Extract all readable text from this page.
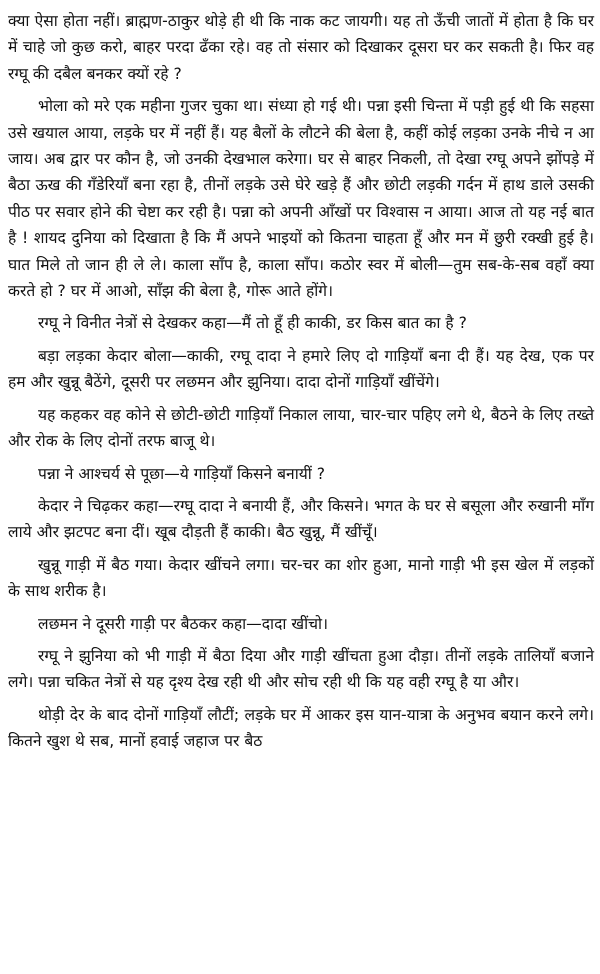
क्या ऐसा होता नहीं। ब्राह्मण-ठाकुर थोड़े ही थी कि नाक कट जायगी। यह तो ऊँची जातों में होता है कि घर में चाहे जो कुछ करो, बाहर परदा ढँका रहे। वह तो संसार को दिखाकर दूसरा घर कर सकती है। फिर वह रग्घू की दबैल बनकर क्यों रहे ?

भोला को मरे एक महीना गुजर चुका था। संध्या हो गई थी। पन्ना इसी चिन्ता में पड़ी हुई थी कि सहसा उसे खयाल आया, लड़के घर में नहीं हैं। यह बैलों के लौटने की बेला है, कहीं कोई लड़का उनके नीचे न आ जाय। अब द्वार पर कौन है, जो उनकी देखभाल करेगा। घर से बाहर निकली, तो देखा रग्घू अपने झोंपड़े में बैठा ऊख की गँडेरियाँ बना रहा है, तीनों लड़के उसे घेरे खड़े हैं और छोटी लड़की गर्दन में हाथ डाले उसकी पीठ पर सवार होने की चेष्टा कर रही है। पन्ना को अपनी आँखों पर विश्वास न आया। आज तो यह नई बात है ! शायद दुनिया को दिखाता है कि मैं अपने भाइयों को कितना चाहता हूँ और मन में छुरी रक्खी हुई है। घात मिले तो जान ही ले ले। काला साँप है, काला साँप। कठोर स्वर में बोली—तुम सब-के-सब वहाँ क्या करते हो ? घर में आओ, साँझ की बेला है, गोरू आते होंगे।

रग्घू ने विनीत नेत्रों से देखकर कहा—मैं तो हूँ ही काकी, डर किस बात का है ?

बड़ा लड़का केदार बोला—काकी, रग्घू दादा ने हमारे लिए दो गाड़ियाँ बना दी हैं। यह देख, एक पर हम और खुन्नू बैठेंगे, दूसरी पर लछमन और झुनिया। दादा दोनों गाड़ियाँ खींचेंगे।

यह कहकर वह कोने से छोटी-छोटी गाड़ियाँ निकाल लाया, चार-चार पहिए लगे थे, बैठने के लिए तख्ते और रोक के लिए दोनों तरफ बाजू थे।

पन्ना ने आश्चर्य से पूछा—ये गाड़ियाँ किसने बनायीं ?

केदार ने चिढ़कर कहा—रग्घू दादा ने बनायी हैं, और किसने। भगत के घर से बसूला और रुखानी माँग लाये और झटपट बना दीं। खूब दौड़ती हैं काकी। बैठ खुन्नू, मैं खींचूँ।

खुन्नू गाड़ी में बैठ गया। केदार खींचने लगा। चर-चर का शोर हुआ, मानो गाड़ी भी इस खेल में लड़कों के साथ शरीक है।

लछमन ने दूसरी गाड़ी पर बैठकर कहा—दादा खींचो।

रग्घू ने झुनिया को भी गाड़ी में बैठा दिया और गाड़ी खींचता हुआ दौड़ा। तीनों लड़के तालियाँ बजाने लगे। पन्ना चकित नेत्रों से यह दृश्य देख रही थी और सोच रही थी कि यह वही रग्घू है या और।

थोड़ी देर के बाद दोनों गाड़ियाँ लौटीं; लड़के घर में आकर इस यान-यात्रा के अनुभव बयान करने लगे। कितने खुश थे सब, मानों हवाई जहाज पर बैठ
